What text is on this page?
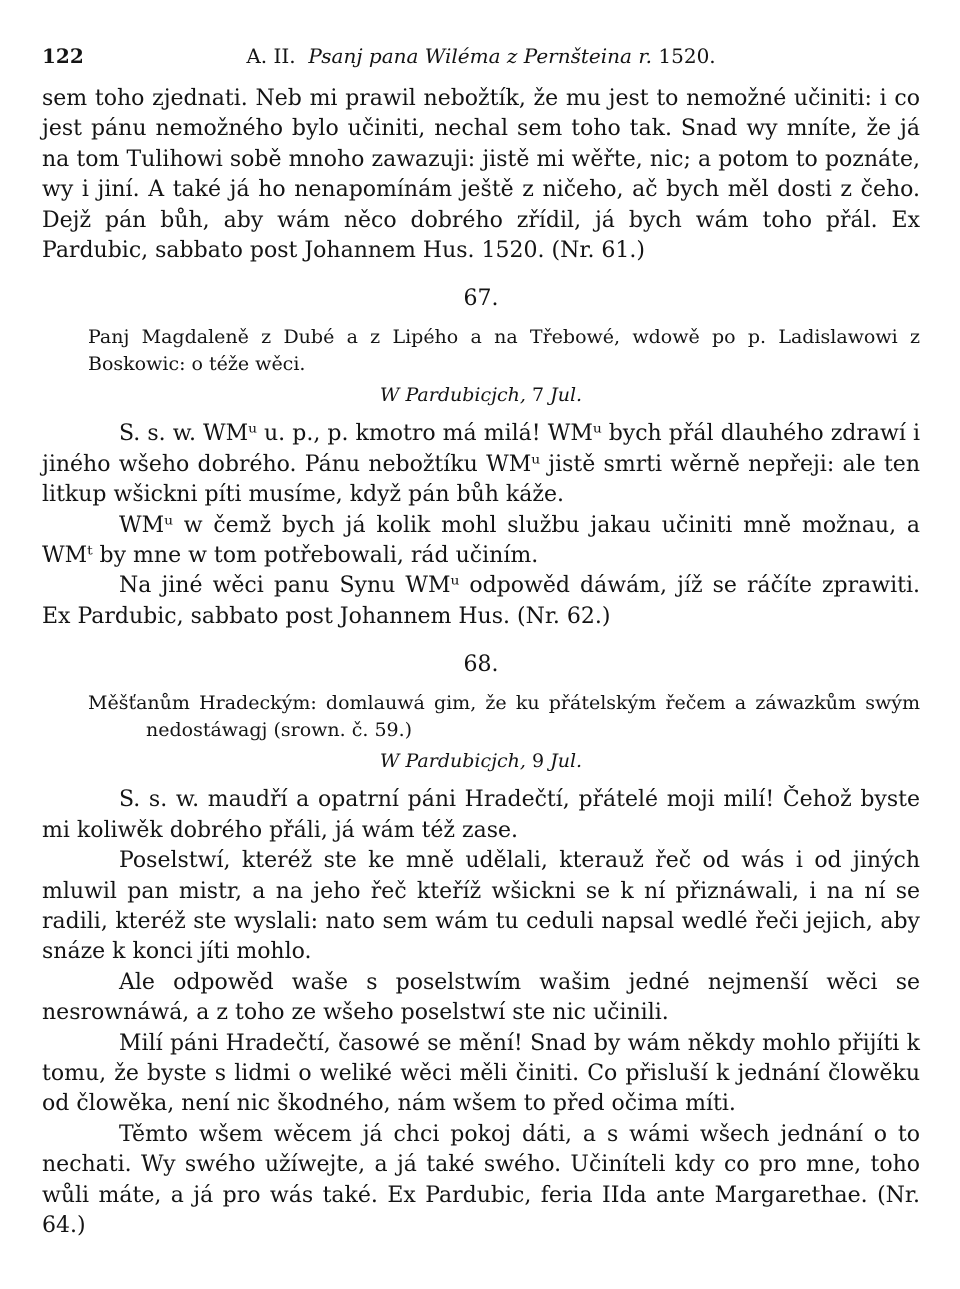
122	A. II. Psanj pana Wiléma z Pernšteina r. 1520.

sem toho zjednati. Neb mi prawil nebožtík, že mu jest to nemožné učiniti: i co jest pánu nemožného bylo učiniti, nechal sem toho tak. Snad wy mníte, že já na tom Tulihowi sobě mnoho zawazuji: jistě mi wěřte, nic; a potom to poznáte, wy i jiní. A také já ho nenapomínám ještě z ničeho, ač bych měl dosti z čeho. Dejž pán bůh, aby wám něco dobrého zřídil, já bych wám toho přál. Ex Pardubic, sabbato post Johannem Hus. 1520. (Nr. 61.)

67.
Panj Magdaleně z Dubé a z Lipého a na Třebowé, wdowě po p. Ladislawowi z Boskowic: o téže wěci.
W Pardubicjch, 7 Jul.

S. s. w. WMᵘ u. p., p. kmotro má milá! WMᵘ bych přál dlauhého zdrawí i jiného wšeho dobrého. Pánu nebožtíku WMᵘ jistě smrti wěrně nepřeji: ale ten litkup wšickni píti musíme, když pán bůh káže.

WMᵘ w čemž bych já kolik mohl službu jakau učiniti mně možnau, a WMᵗ by mne w tom potřebowali, rád učiním.

Na jiné wěci panu Synu WMᵘ odpowěd dáwám, jíž se ráčíte zprawiti. Ex Pardubic, sabbato post Johannem Hus. (Nr. 62.)

68.
Měšťanům Hradeckým: domlauwá gim, že ku přátelským řečem a záwazkům swým nedostáwagj (srown. č. 59.)
W Pardubicjch, 9 Jul.

S. s. w. maudří a opatrní páni Hradečtí, přátelé moji milí! Čehož byste mi koliwěk dobrého přáli, já wám též zase.

Poselstwí, kteréž ste ke mně udělali, kterauž řeč od wás i od jiných mluwil pan mistr, a na jeho řeč kteříž wšickni se k ní přiznáwali, i na ní se radili, kteréž ste wyslali: nato sem wám tu ceduli napsal wedlé řeči jejich, aby snáze k konci jíti mohlo.

Ale odpowěd waše s poselstwím wašim jedné nejmenší wěci se nesrownáwá, a z toho ze wšeho poselstwí ste nic učinili.

Milí páni Hradečtí, časowé se mění! Snad by wám někdy mohlo přijíti k tomu, že byste s lidmi o weliké wěci měli činiti. Co přisluší k jednání člowěku od člowěka, není nic škodného, nám wšem to před očima míti.

Těmto wšem wěcem já chci pokoj dáti, a s wámi wšech jednání o to nechati. Wy swého užíwejte, a já také swého. Učiníteli kdy co pro mne, toho wůli máte, a já pro wás také. Ex Pardubic, feria IIda ante Margarethae. (Nr. 64.)
